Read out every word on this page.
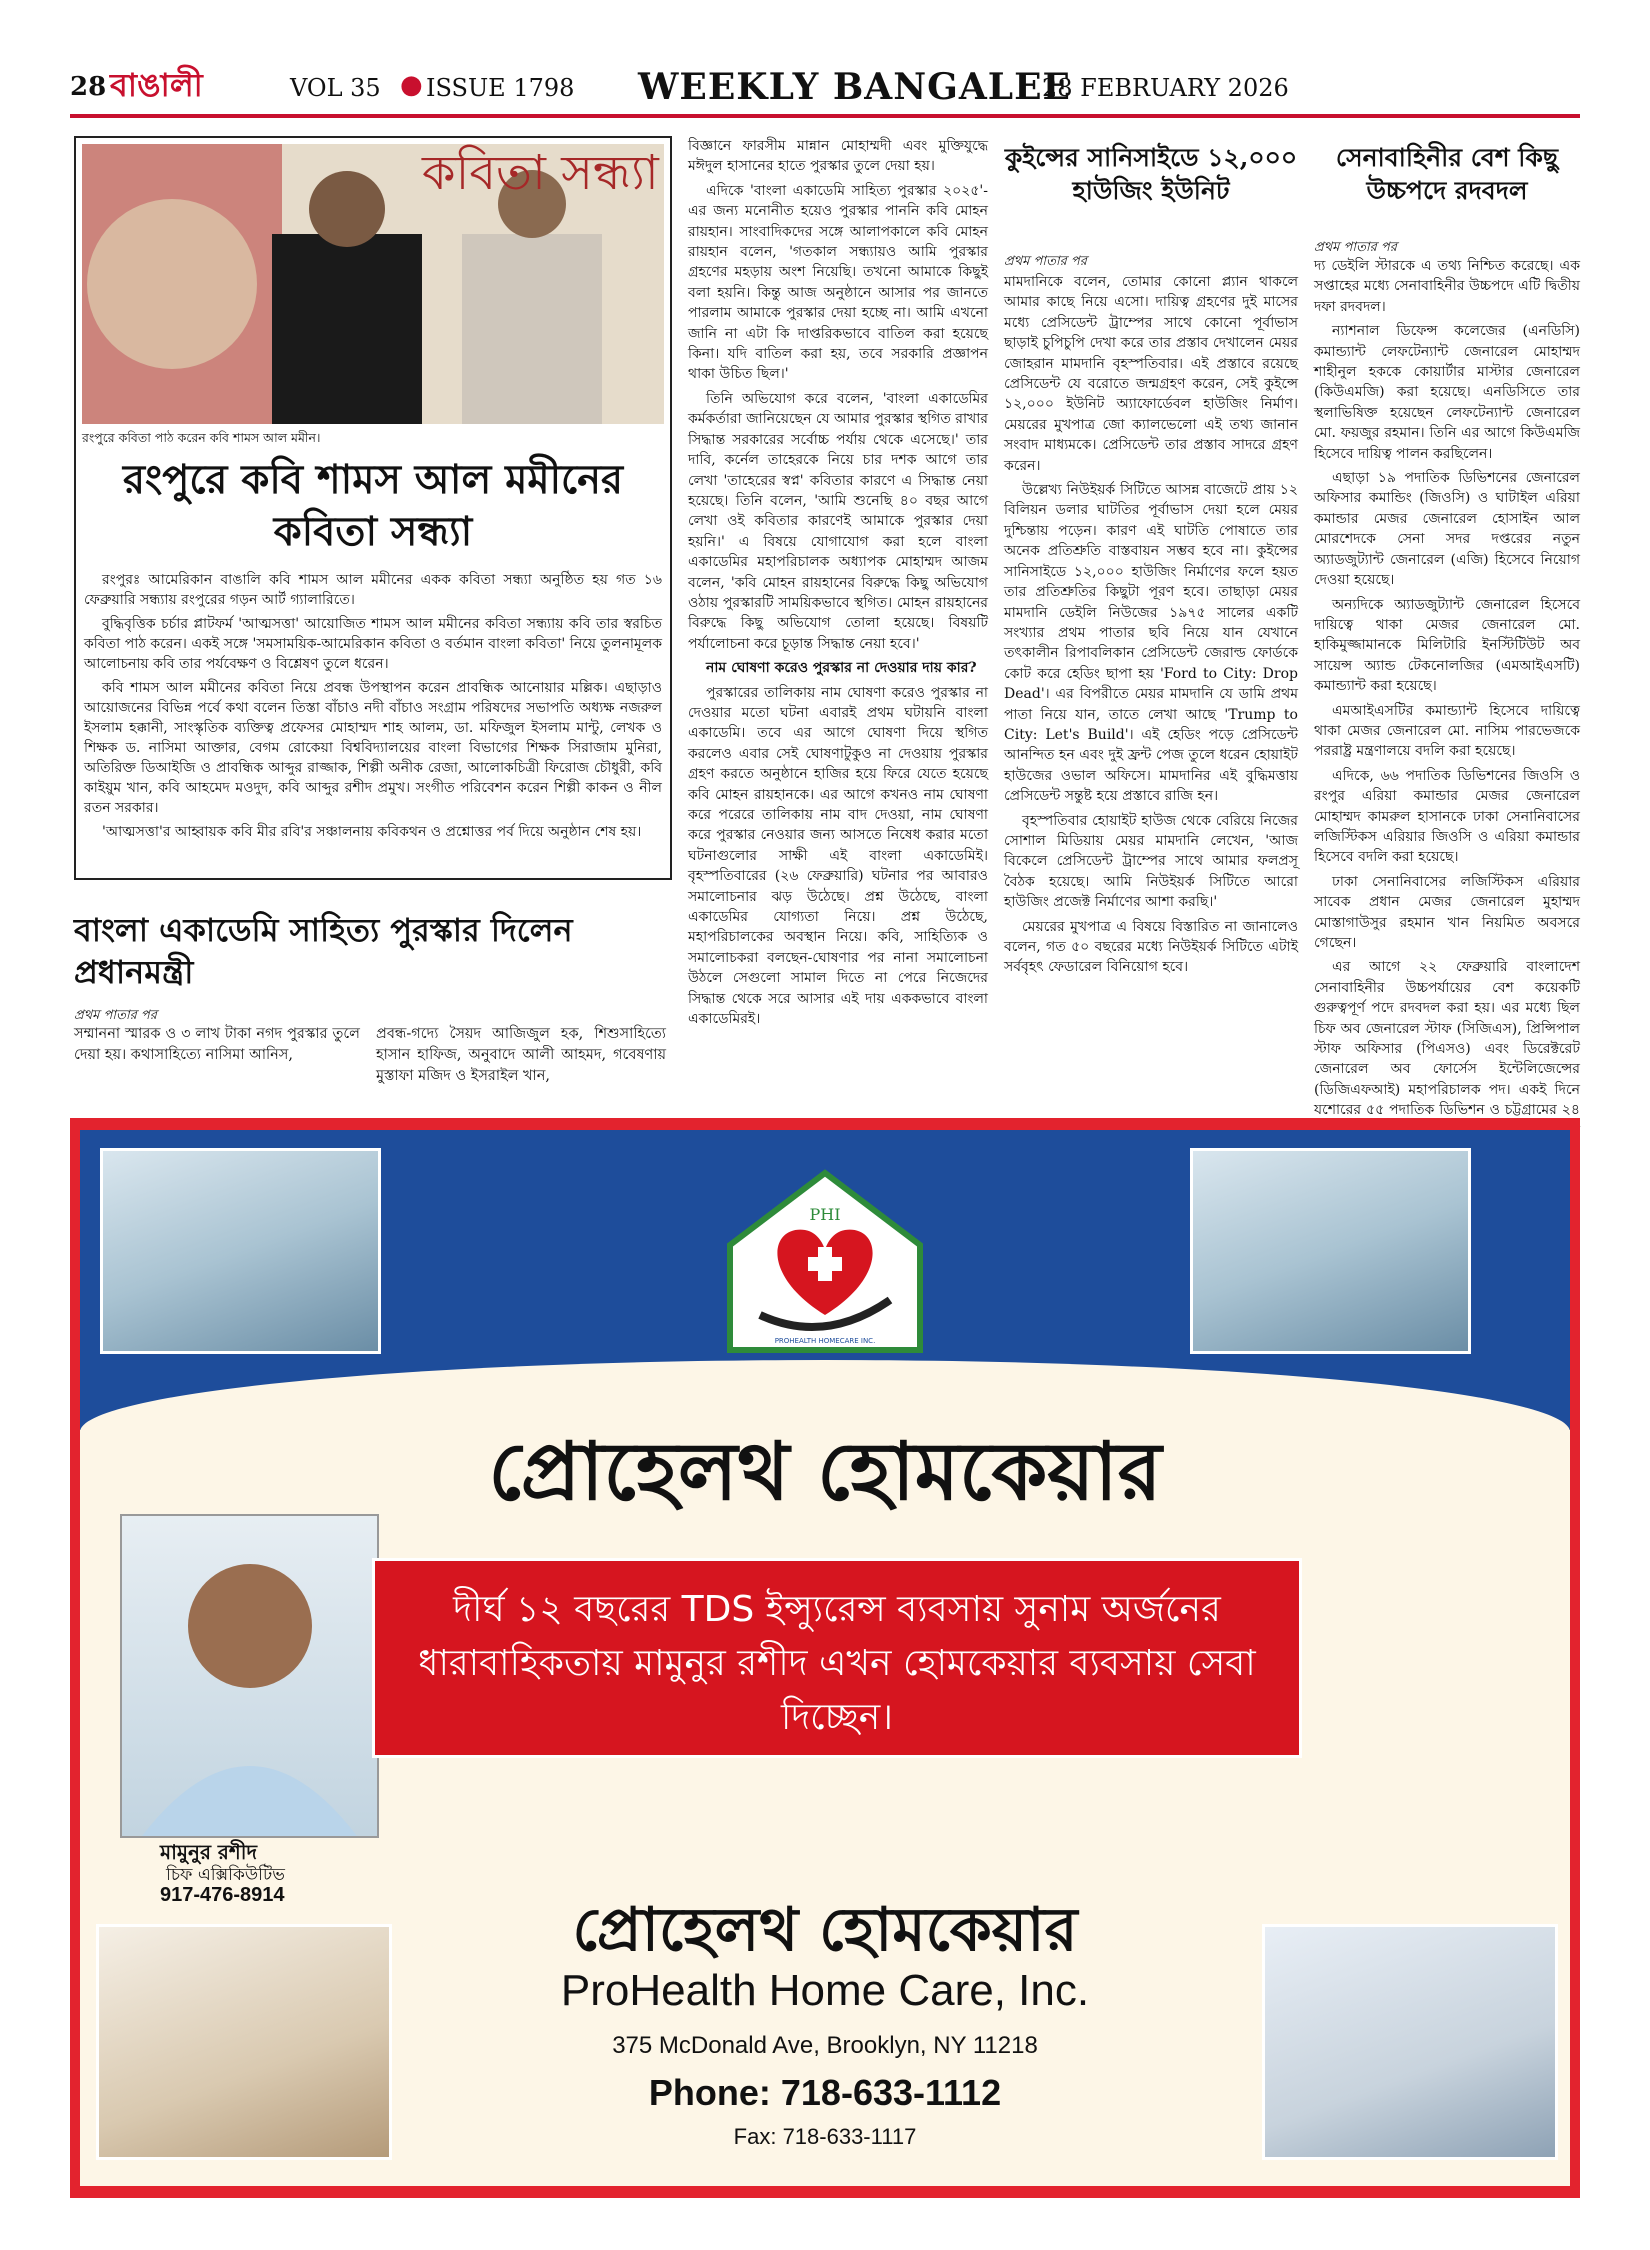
28 বাঙালী	VOL 35 ● ISSUE 1798 WEEKLY BANGALEE
28 FEBRUARY 2026
কবিতা সন্ধ্যা
রংপুরে কবিতা পাঠ করেন কবি শামস আল মমীন।
রংপুরে কবি শামস আল মমীনের কবিতা সন্ধ্যা

রংপুরঃ আমেরিকান বাঙালি কবি শামস আল মমীনের একক কবিতা সন্ধ্যা অনুষ্ঠিত হয় গত ১৬ ফেব্রুয়ারি সন্ধ্যায় রংপুরের গড়ন আর্ট গ্যালারিতে।

বুদ্ধিবৃত্তিক চর্চার প্লাটফর্ম 'আত্মসত্তা' আয়োজিত শামস আল মমীনের কবিতা সন্ধ্যায় কবি তার স্বরচিত কবিতা পাঠ করেন। একই সঙ্গে 'সমসাময়িক-আমেরিকান কবিতা ও বর্তমান বাংলা কবিতা' নিয়ে তুলনামূলক আলোচনায় কবি তার পর্যবেক্ষণ ও বিশ্লেষণ তুলে ধরেন।

কবি শামস আল মমীনের কবিতা নিয়ে প্রবন্ধ উপস্থাপন করেন প্রাবন্ধিক আনোয়ার মল্লিক। এছাড়াও আয়োজনের বিভিন্ন পর্বে কথা বলেন তিস্তা বাঁচাও নদী বাঁচাও সংগ্রাম পরিষদের সভাপতি অধ্যক্ষ নজরুল ইসলাম হক্কানী, সাংস্কৃতিক ব্যক্তিত্ব প্রফেসর মোহাম্মদ শাহ আলম, ডা. মফিজুল ইসলাম মান্টু, লেখক ও শিক্ষক ড. নাসিমা আক্তার, বেগম রোকেয়া বিশ্ববিদ্যালয়ের বাংলা বিভাগের শিক্ষক সিরাজাম মুনিরা, অতিরিক্ত ডিআইজি ও প্রাবন্ধিক আব্দুর রাজ্জাক, শিল্পী অনীক রেজা, আলোকচিত্রী ফিরোজ চৌধুরী, কবি কাইয়ুম খান, কবি আহমেদ মওদুদ, কবি আব্দুর রশীদ প্রমুখ। সংগীত পরিবেশন করেন শিল্পী কাকন ও নীল রতন সরকার।

'আত্মসত্তা'র আহ্বায়ক কবি মীর রবি'র সঞ্চালনায় কবিকথন ও প্রশ্নোত্তর পর্ব দিয়ে অনুষ্ঠান শেষ হয়।

বাংলা একাডেমি সাহিত্য পুরস্কার দিলেন প্রধানমন্ত্রী
প্রথম পাতার পর
সম্মাননা স্মারক ও ৩ লাখ টাকা নগদ পুরস্কার তুলে দেয়া হয়। কথাসাহিত্যে নাসিমা আনিস,
প্রবন্ধ-গদ্যে সৈয়দ আজিজুল হক, শিশুসাহিত্যে হাসান হাফিজ, অনুবাদে আলী আহমদ, গবেষণায় মুস্তাফা মজিদ ও ইসরাইল খান,

বিজ্ঞানে ফারসীম মান্নান মোহাম্মদী এবং মুক্তিযুদ্ধে মঈদুল হাসানের হাতে পুরস্কার তুলে দেয়া হয়।

এদিকে 'বাংলা একাডেমি সাহিত্য পুরস্কার ২০২৫'-এর জন্য মনোনীত হয়েও পুরস্কার পাননি কবি মোহন রায়হান। সাংবাদিকদের সঙ্গে আলাপকালে কবি মোহন রায়হান বলেন, 'গতকাল সন্ধ্যায়ও আমি পুরস্কার গ্রহণের মহড়ায় অংশ নিয়েছি। তখনো আমাকে কিছুই বলা হয়নি। কিন্তু আজ অনুষ্ঠানে আসার পর জানতে পারলাম আমাকে পুরস্কার দেয়া হচ্ছে না। আমি এখনো জানি না এটা কি দাপ্তরিকভাবে বাতিল করা হয়েছে কিনা। যদি বাতিল করা হয়, তবে সরকারি প্রজ্ঞাপন থাকা উচিত ছিল।'

তিনি অভিযোগ করে বলেন, 'বাংলা একাডেমির কর্মকর্তারা জানিয়েছেন যে আমার পুরস্কার স্থগিত রাখার সিদ্ধান্ত সরকারের সর্বোচ্চ পর্যায় থেকে এসেছে।' তার দাবি, কর্নেল তাহেরকে নিয়ে চার দশক আগে তার লেখা 'তাহেরের স্বপ্ন' কবিতার কারণে এ সিদ্ধান্ত নেয়া হয়েছে। তিনি বলেন, 'আমি শুনেছি ৪০ বছর আগে লেখা ওই কবিতার কারণেই আমাকে পুরস্কার দেয়া হয়নি।' এ বিষয়ে যোগাযোগ করা হলে বাংলা একাডেমির মহাপরিচালক অধ্যাপক মোহাম্মদ আজম বলেন, 'কবি মোহন রায়হানের বিরুদ্ধে কিছু অভিযোগ ওঠায় পুরস্কারটি সাময়িকভাবে স্থগিত। মোহন রায়হানের বিরুদ্ধে কিছু অভিযোগ তোলা হয়েছে। বিষয়টি পর্যালোচনা করে চূড়ান্ত সিদ্ধান্ত নেয়া হবে।'

নাম ঘোষণা করেও পুরস্কার না দেওয়ার দায় কার?

পুরস্কারের তালিকায় নাম ঘোষণা করেও পুরস্কার না দেওয়ার মতো ঘটনা এবারই প্রথম ঘটায়নি বাংলা একাডেমি। তবে এর আগে ঘোষণা দিয়ে স্থগিত করলেও এবার সেই ঘোষণাটুকুও না দেওয়ায় পুরস্কার গ্রহণ করতে অনুষ্ঠানে হাজির হয়ে ফিরে যেতে হয়েছে কবি মোহন রায়হানকে। এর আগে কখনও নাম ঘোষণা করে পরেরে তালিকায় নাম বাদ দেওয়া, নাম ঘোষণা করে পুরস্কার নেওয়ার জন্য আসতে নিষেধ করার মতো ঘটনাগুলোর সাক্ষী এই বাংলা একাডেমিই। বৃহস্পতিবারের (২৬ ফেব্রুয়ারি) ঘটনার পর আবারও সমালোচনার ঝড় উঠেছে। প্রশ্ন উঠেছে, বাংলা একাডেমির যোগ্যতা নিয়ে। প্রশ্ন উঠেছে, মহাপরিচালকের অবস্থান নিয়ে। কবি, সাহিত্যিক ও সমালোচকরা বলছেন-ঘোষণার পর নানা সমালোচনা উঠলে সেগুলো সামাল দিতে না পেরে নিজেদের সিদ্ধান্ত থেকে সরে আসার এই দায় এককভাবে বাংলা একাডেমিরই।

কুইন্সের সানিসাইডে ১২,০০০ হাউজিং ইউনিট
প্রথম পাতার পর

মামদানিকে বলেন, তোমার কোনো প্ল্যান থাকলে আমার কাছে নিয়ে এসো। দায়িত্ব গ্রহণের দুই মাসের মধ্যে প্রেসিডেন্ট ট্রাম্পের সাথে কোনো পূর্বাভাস ছাড়াই চুপিচুপি দেখা করে তার প্রস্তাব দেখালেন মেয়র জোহরান মামদানি বৃহস্পতিবার। এই প্রস্তাবে রয়েছে প্রেসিডেন্ট যে বরোতে জন্মগ্রহণ করেন, সেই কুইন্সে ১২,০০০ ইউনিট অ্যাফোর্ডেবল হাউজিং নির্মাণ। মেয়রের মুখপাত্র জো ক্যালভেলো এই তথ্য জানান সংবাদ মাধ্যমকে। প্রেসিডেন্ট তার প্রস্তাব সাদরে গ্রহণ করেন।

উল্লেখ্য নিউইয়র্ক সিটিতে আসন্ন বাজেটে প্রায় ১২ বিলিয়ন ডলার ঘাটতির পূর্বাভাস দেয়া হলে মেয়র দুশ্চিন্তায় পড়েন। কারণ এই ঘাটতি পোষাতে তার অনেক প্রতিশ্রুতি বাস্তবায়ন সম্ভব হবে না। কুইন্সের সানিসাইডে ১২,০০০ হাউজিং নির্মাণের ফলে হয়ত তার প্রতিশ্রুতির কিছুটা পূরণ হবে। তাছাড়া মেয়র মামদানি ডেইলি নিউজের ১৯৭৫ সালের একটি সংখ্যার প্রথম পাতার ছবি নিয়ে যান যেখানে তৎকালীন রিপাবলিকান প্রেসিডেন্ট জেরাল্ড ফোর্ডকে কোট করে হেডিং ছাপা হয় 'Ford to City: Drop Dead'। এর বিপরীতে মেয়র মামদানি যে ডামি প্রথম পাতা নিয়ে যান, তাতে লেখা আছে 'Trump to City: Let's Build'। এই হেডিং পড়ে প্রেসিডেন্ট আনন্দিত হন এবং দুই ফ্রন্ট পেজ তুলে ধরেন হোয়াইট হাউজের ওভাল অফিসে। মামদানির এই বুদ্ধিমত্তায় প্রেসিডেন্ট সন্তুষ্ট হয়ে প্রস্তাবে রাজি হন।

বৃহস্পতিবার হোয়াইট হাউজ থেকে বেরিয়ে নিজের সোশাল মিডিয়ায় মেয়র মামদানি লেখেন, 'আজ বিকেলে প্রেসিডেন্ট ট্রাম্পের সাথে আমার ফলপ্রসূ বৈঠক হয়েছে। আমি নিউইয়র্ক সিটিতে আরো হাউজিং প্রজেক্ট নির্মাণের আশা করছি।'

মেয়রের মুখপাত্র এ বিষয়ে বিস্তারিত না জানালেও বলেন, গত ৫০ বছরের মধ্যে নিউইয়র্ক সিটিতে এটাই সর্ববৃহৎ ফেডারেল বিনিয়োগ হবে।

সেনাবাহিনীর বেশ কিছু উচ্চপদে রদবদল
প্রথম পাতার পর

দ্য ডেইলি স্টারকে এ তথ্য নিশ্চিত করেছে। এক সপ্তাহের মধ্যে সেনাবাহিনীর উচ্চপদে এটি দ্বিতীয় দফা রদবদল।

ন্যাশনাল ডিফেন্স কলেজের (এনডিসি) কমান্ড্যান্ট লেফটেন্যান্ট জেনারেল মোহাম্মদ শাহীনুল হককে কোয়ার্টার মাস্টার জেনারেল (কিউএমজি) করা হয়েছে। এনডিসিতে তার স্থলাভিষিক্ত হয়েছেন লেফটেন্যান্ট জেনারেল মো. ফয়জুর রহমান। তিনি এর আগে কিউএমজি হিসেবে দায়িত্ব পালন করছিলেন।

এছাড়া ১৯ পদাতিক ডিভিশনের জেনারেল অফিসার কমান্ডিং (জিওসি) ও ঘাটাইল এরিয়া কমান্ডার মেজর জেনারেল হোসাইন আল মোরশেদকে সেনা সদর দপ্তরের নতুন অ্যাডজুট্যান্ট জেনারেল (এজি) হিসেবে নিয়োগ দেওয়া হয়েছে।

অন্যদিকে অ্যাডজুট্যান্ট জেনারেল হিসেবে দায়িত্বে থাকা মেজর জেনারেল মো. হাকিমুজ্জামানকে মিলিটারি ইনস্টিটিউট অব সায়েন্স অ্যান্ড টেকনোলজির (এমআইএসটি) কমান্ড্যান্ট করা হয়েছে।

এমআইএসটির কমান্ড্যান্ট হিসেবে দায়িত্বে থাকা মেজর জেনারেল মো. নাসিম পারভেজকে পররাষ্ট্র মন্ত্রণালয়ে বদলি করা হয়েছে।

এদিকে, ৬৬ পদাতিক ডিভিশনের জিওসি ও রংপুর এরিয়া কমান্ডার মেজর জেনারেল মোহাম্মদ কামরুল হাসানকে ঢাকা সেনানিবাসের লজিস্টিকস এরিয়ার জিওসি ও এরিয়া কমান্ডার হিসেবে বদলি করা হয়েছে।

ঢাকা সেনানিবাসের লজিস্টিকস এরিয়ার সাবেক প্রধান মেজর জেনারেল মুহাম্মদ মোস্তাগাউসুর রহমান খান নিয়মিত অবসরে গেছেন।

এর আগে ২২ ফেব্রুয়ারি বাংলাদেশ সেনাবাহিনীর উচ্চপর্যায়ের বেশ কয়েকটি গুরুত্বপূর্ণ পদে রদবদল করা হয়। এর মধ্যে ছিল চিফ অব জেনারেল স্টাফ (সিজিএস), প্রিন্সিপাল স্টাফ অফিসার (পিএসও) এবং ডিরেক্টরেট জেনারেল অব ফোর্সেস ইন্টেলিজেন্সের (ডিজিএফআই) মহাপরিচালক পদ। একই দিনে যশোরের ৫৫ পদাতিক ডিভিশন ও চট্টগ্রামের ২৪

PHI
PROHEALTH HOMECARE INC.
প্রোহেলথ হোমকেয়ার
দীর্ঘ ১২ বছরের TDS ইন্স্যুরেন্স ব্যবসায় সুনাম অর্জনের ধারাবাহিকতায় মামুনুর রশীদ এখন হোমকেয়ার ব্যবসায় সেবা দিচ্ছেন।
মামুনুর রশীদ
চিফ এক্সিকিউটিভ
917-476-8914	প্রোহেলথ হোমকেয়ার
ProHealth Home Care, Inc.
375 McDonald Ave, Brooklyn, NY 11218
Phone: 718-633-1112
Fax: 718-633-1117
